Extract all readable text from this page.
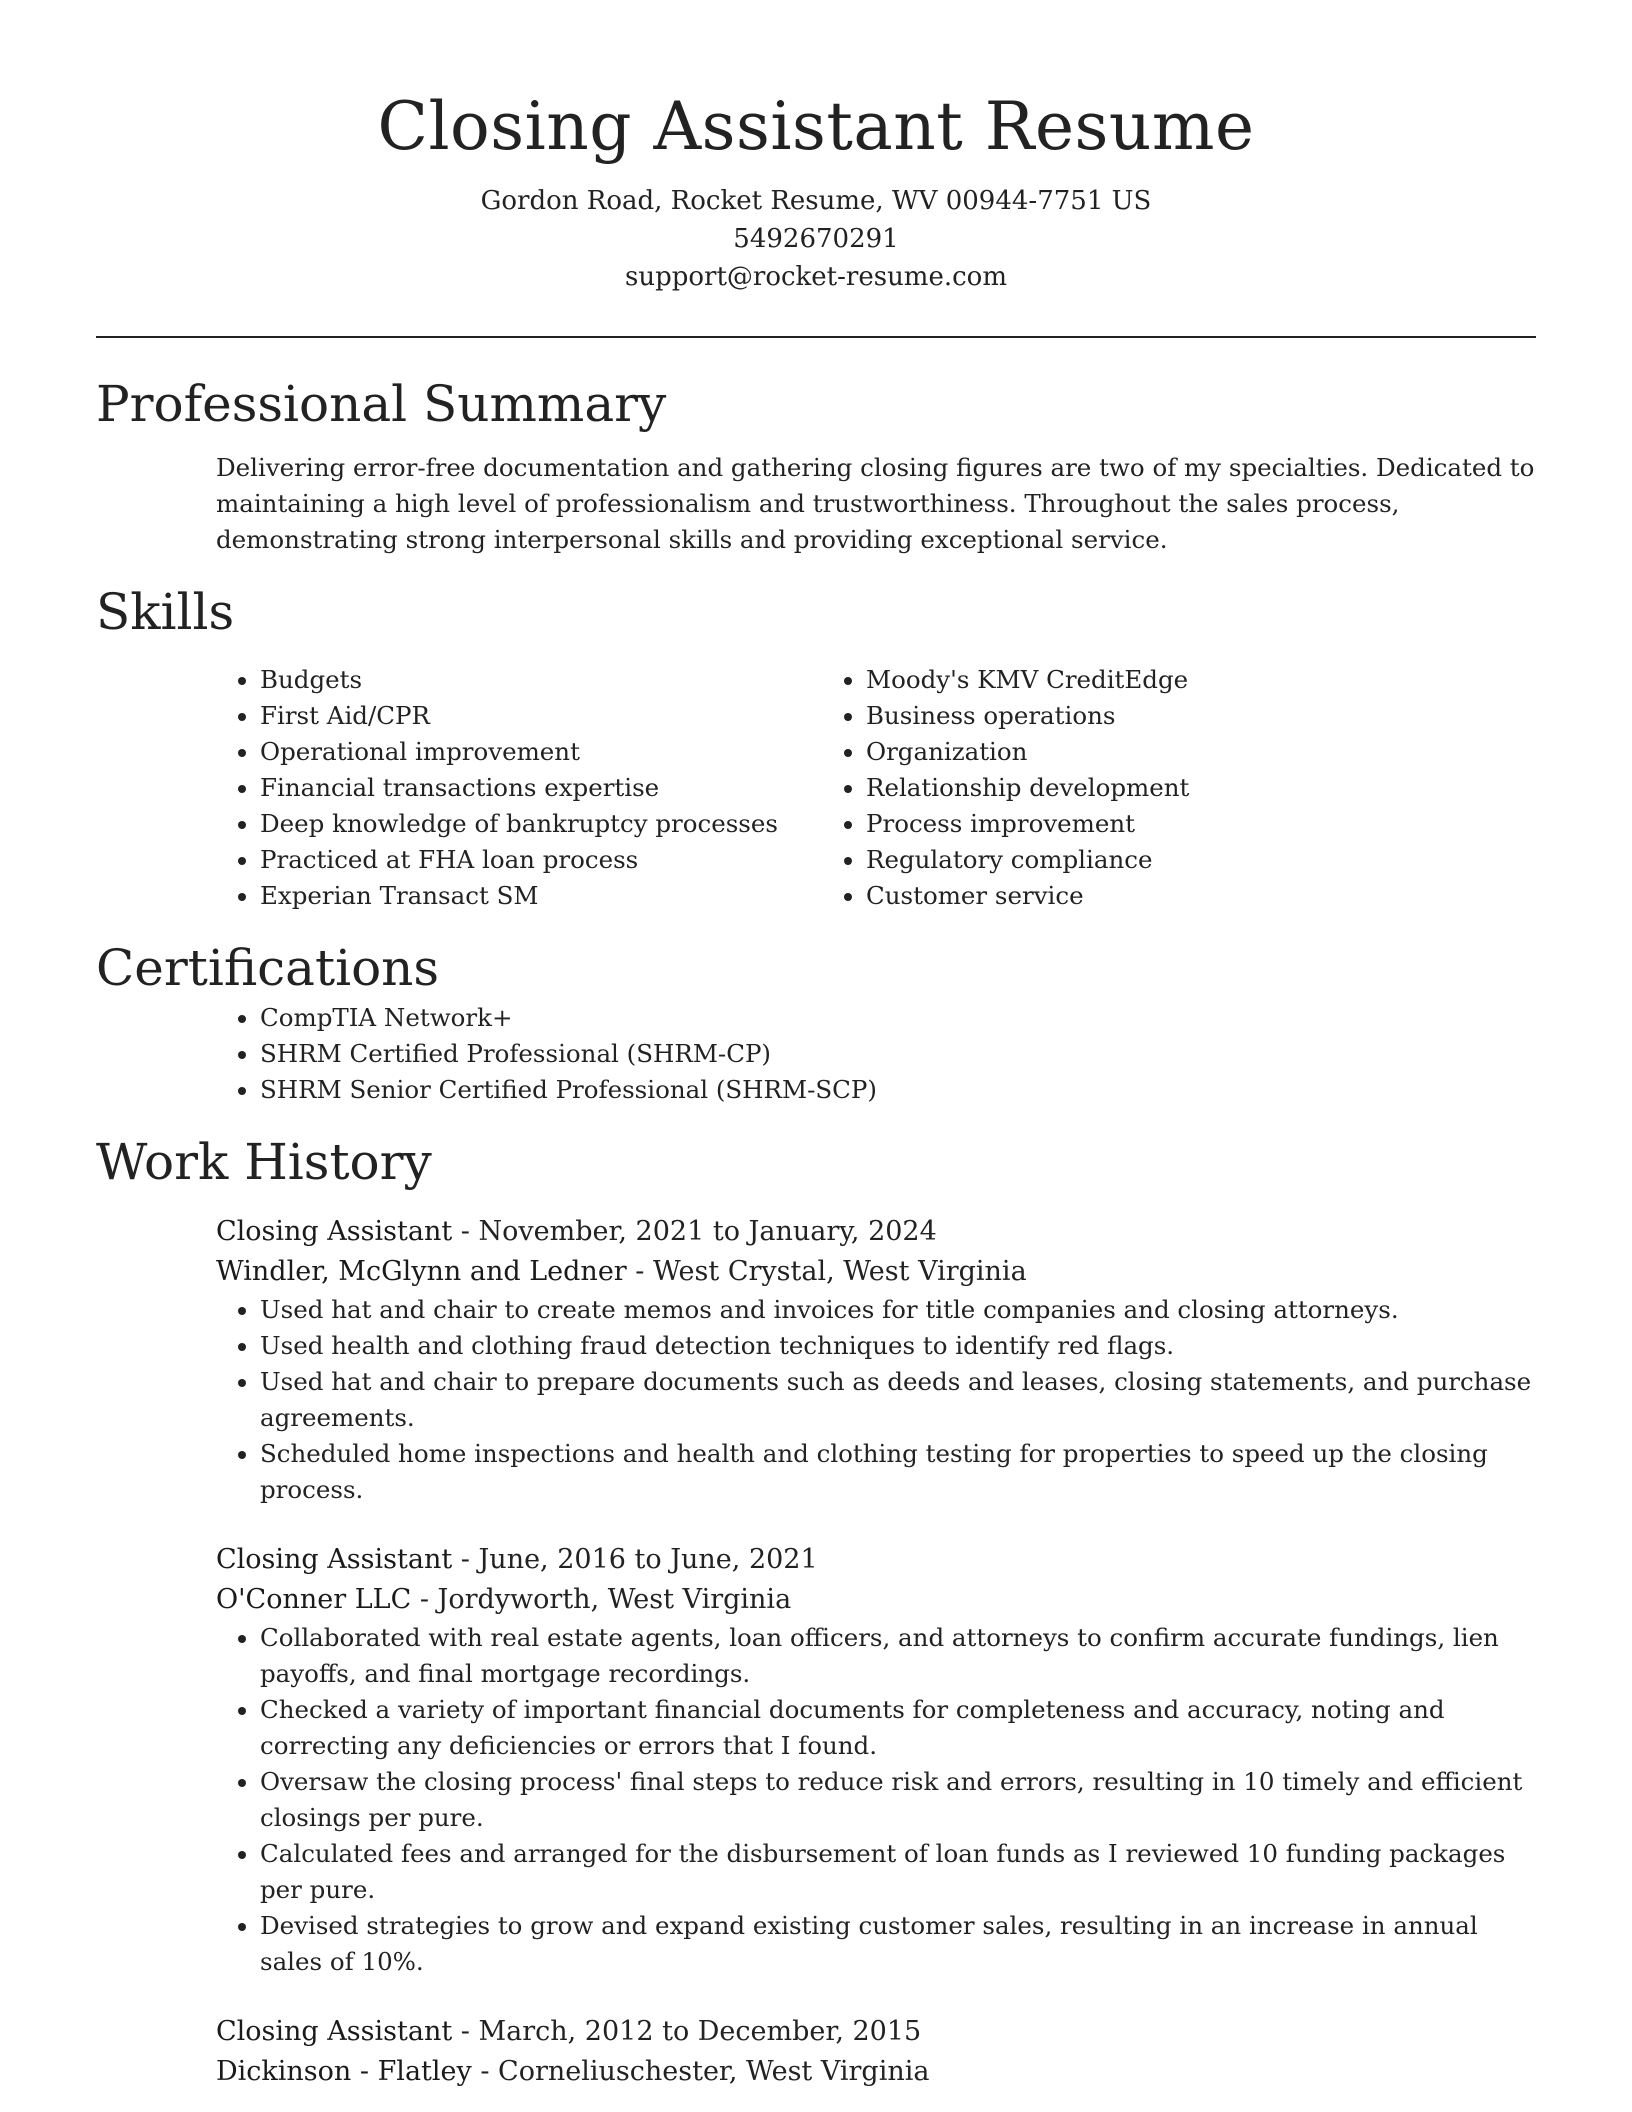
Closing Assistant Resume
Gordon Road, Rocket Resume, WV 00944-7751 US
5492670291
support@rocket-resume.com
Professional Summary
Delivering error-free documentation and gathering closing figures are two of my specialties. Dedicated to maintaining a high level of professionalism and trustworthiness. Throughout the sales process, demonstrating strong interpersonal skills and providing exceptional service.
Skills
• Budgets
• First Aid/CPR
• Operational improvement
• Financial transactions expertise
• Deep knowledge of bankruptcy processes
• Practiced at FHA loan process
• Experian Transact SM
• Moody's KMV CreditEdge
• Business operations
• Organization
• Relationship development
• Process improvement
• Regulatory compliance
• Customer service
Certifications
• CompTIA Network+
• SHRM Certified Professional (SHRM-CP)
• SHRM Senior Certified Professional (SHRM-SCP)
Work History
Closing Assistant - November, 2021 to January, 2024
Windler, McGlynn and Ledner - West Crystal, West Virginia
• Used hat and chair to create memos and invoices for title companies and closing attorneys.
• Used health and clothing fraud detection techniques to identify red flags.
• Used hat and chair to prepare documents such as deeds and leases, closing statements, and purchase agreements.
• Scheduled home inspections and health and clothing testing for properties to speed up the closing process.
Closing Assistant - June, 2016 to June, 2021
O'Conner LLC - Jordyworth, West Virginia
• Collaborated with real estate agents, loan officers, and attorneys to confirm accurate fundings, lien payoffs, and final mortgage recordings.
• Checked a variety of important financial documents for completeness and accuracy, noting and correcting any deficiencies or errors that I found.
• Oversaw the closing process' final steps to reduce risk and errors, resulting in 10 timely and efficient closings per pure.
• Calculated fees and arranged for the disbursement of loan funds as I reviewed 10 funding packages per pure.
• Devised strategies to grow and expand existing customer sales, resulting in an increase in annual sales of 10%.
Closing Assistant - March, 2012 to December, 2015
Dickinson - Flatley - Corneliuschester, West Virginia
